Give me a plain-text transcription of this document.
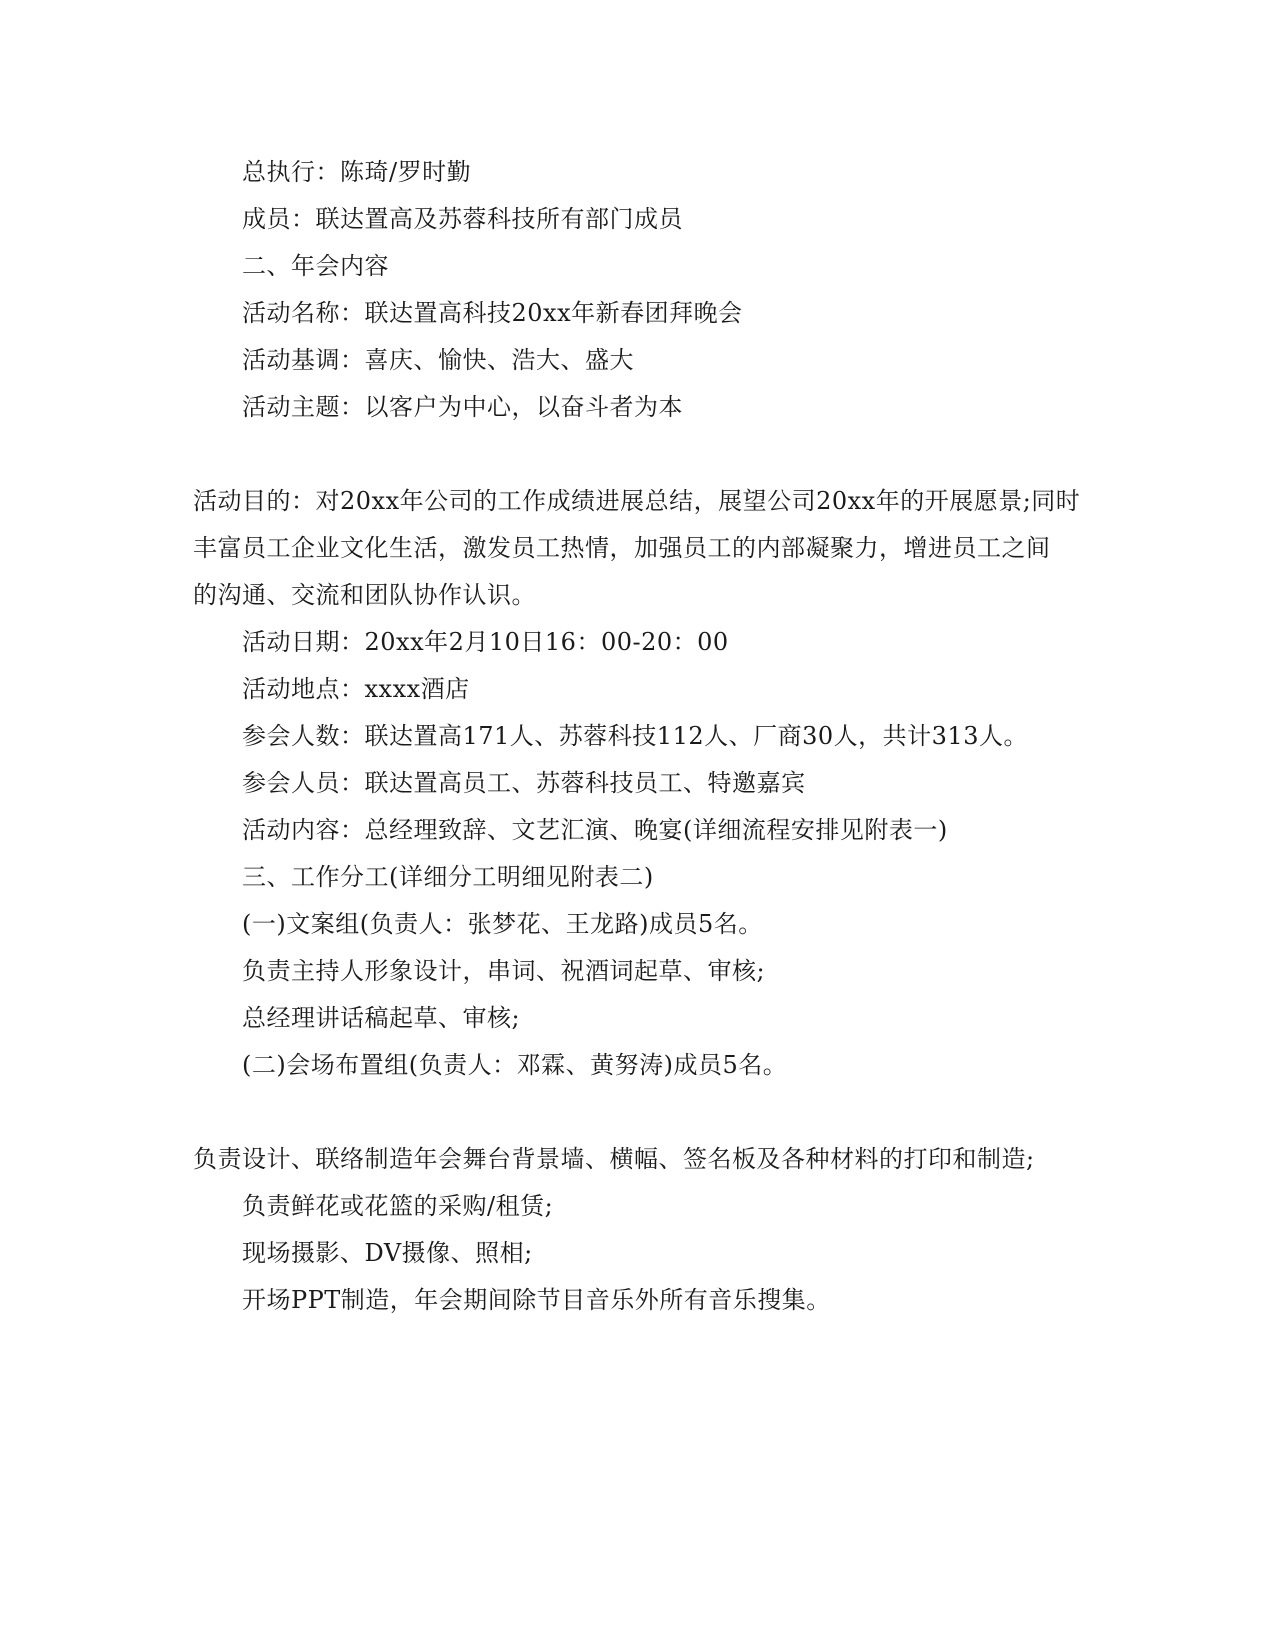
总执行：陈琦/罗时勤
成员：联达置高及苏蓉科技所有部门成员
二、年会内容
活动名称：联达置高科技20xx年新春团拜晚会
活动基调：喜庆、愉快、浩大、盛大
活动主题：以客户为中心，以奋斗者为本
活动目的：对20xx年公司的工作成绩进展总结，展望公司20xx年的开展愿景;同时
丰富员工企业文化生活，激发员工热情，加强员工的内部凝聚力，增进员工之间
的沟通、交流和团队协作认识。
活动日期：20xx年2月10日16：00-20：00
活动地点：xxxx酒店
参会人数：联达置高171人、苏蓉科技112人、厂商30人，共计313人。
参会人员：联达置高员工、苏蓉科技员工、特邀嘉宾
活动内容：总经理致辞、文艺汇演、晚宴(详细流程安排见附表一)
三、工作分工(详细分工明细见附表二)
(一)文案组(负责人：张梦花、王龙路)成员5名。
负责主持人形象设计，串词、祝酒词起草、审核;
总经理讲话稿起草、审核;
(二)会场布置组(负责人：邓霖、黄努涛)成员5名。
负责设计、联络制造年会舞台背景墙、横幅、签名板及各种材料的打印和制造;
负责鲜花或花篮的采购/租赁;
现场摄影、DV摄像、照相;
开场PPT制造，年会期间除节目音乐外所有音乐搜集。
